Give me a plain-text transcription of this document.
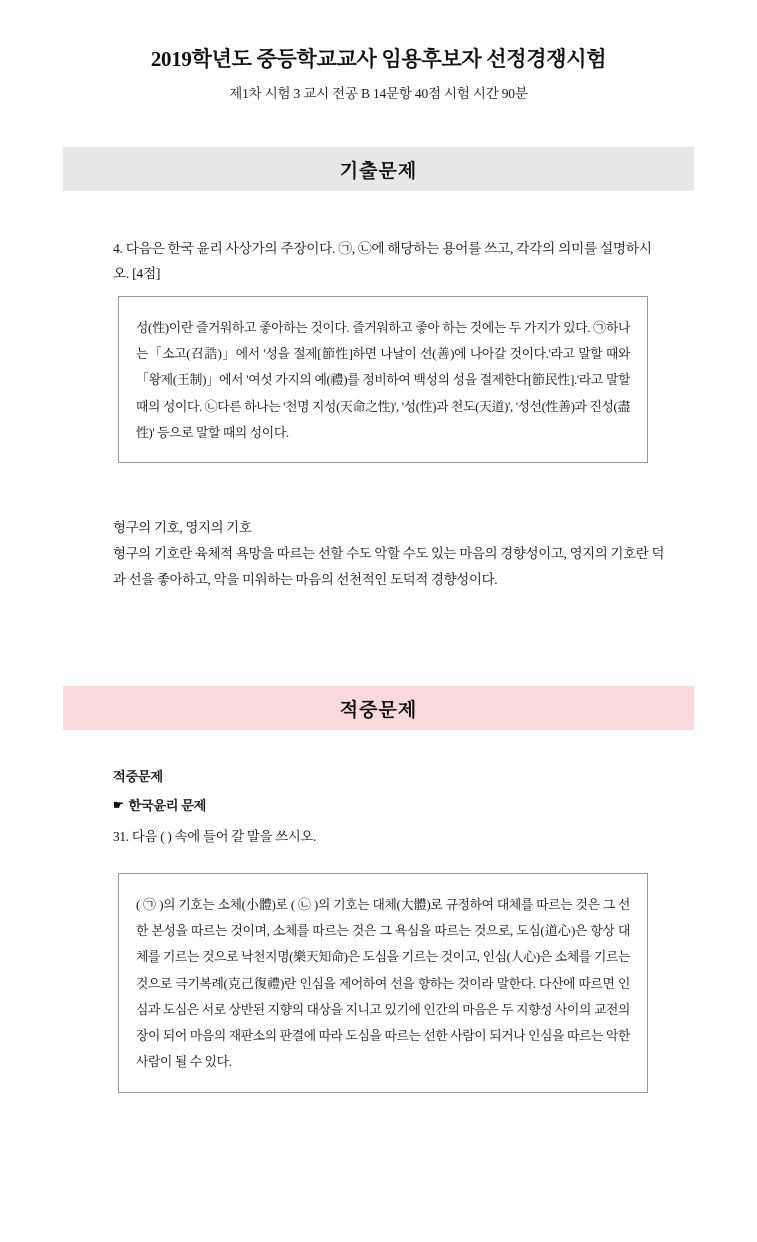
2019학년도 중등학교교사 임용후보자 선정경쟁시험
제1차 시험 3 교시 전공 B 14문항 40점 시험 시간 90분
기출문제
4. 다음은 한국 윤리 사상가의 주장이다. ㉠, ㉡에 해당하는 용어를 쓰고, 각각의 의미를 설명하시오. [4점]
성(性)이란 즐거워하고 좋아하는 것이다. 즐거워하고 좋아 하는 것에는 두 가지가 있다. ㉠하나는「소고(召誥)」에서 '성을 절제[節性]하면 나날이 선(善)에 나아갈 것이다.'라고 말할 때와「왕제(王制)」에서 '여섯 가지의 예(禮)를 정비하여 백성의 성을 절제한다[節民性].'라고 말할 때의 성이다. ㉡다른 하나는 '천명 지성(天命之性)', '성(性)과 천도(天道)', '성선(性善)과 진성(盡性)' 등으로 말할 때의 성이다.
형구의 기호, 영지의 기호
형구의 기호란 육체적 욕망을 따르는 선할 수도 악할 수도 있는 마음의 경향성이고, 영지의 기호란 덕과 선을 좋아하고, 악을 미워하는 마음의 선천적인 도덕적 경향성이다.
적중문제
적중문제
☛ 한국윤리 문제
31. 다음 ( ) 속에 들어 갈 말을 쓰시오.
( ㉠ )의 기호는 소체(小體)로 ( ㉡ )의 기호는 대체(大體)로 규정하여 대체를 따르는 것은 그 선한 본성을 따르는 것이며, 소체를 따르는 것은 그 욕심을 따르는 것으로, 도심(道心)은 항상 대체를 기르는 것으로 낙천지명(樂天知命)은 도심을 기르는 것이고, 인심(人心)은 소체를 기르는 것으로 극기복례(克己復禮)란 인심을 제어하여 선을 향하는 것이라 말한다. 다산에 따르면 인심과 도심은 서로 상반된 지향의 대상을 지니고 있기에 인간의 마음은 두 지향성 사이의 교전의 장이 되어 마음의 재판소의 판결에 따라 도심을 따르는 선한 사람이 되거나 인심을 따르는 악한 사람이 될 수 있다.
